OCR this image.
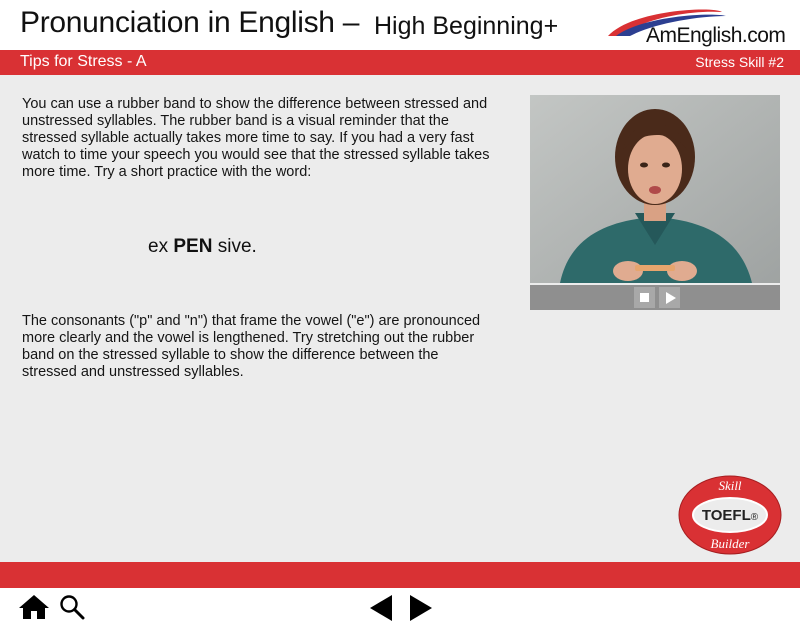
Pronunciation in English – High Beginning+	AmEnglish.com
Tips for Stress - A	Stress Skill #2
You can use a rubber band to show the difference between stressed and unstressed syllables. The rubber band is a visual reminder that the stressed syllable actually takes more time to say. If you had a very fast watch to time your speech you would see that the stressed syllable takes more time. Try a short practice with the word:
ex PEN sive.
The consonants ("p" and "n") that frame the vowel ("e") are pronounced more clearly and the vowel is lengthened. Try stretching out the rubber band on the stressed syllable to show the difference between the stressed and unstressed syllables.
Skill
TOEFL®
Builder
